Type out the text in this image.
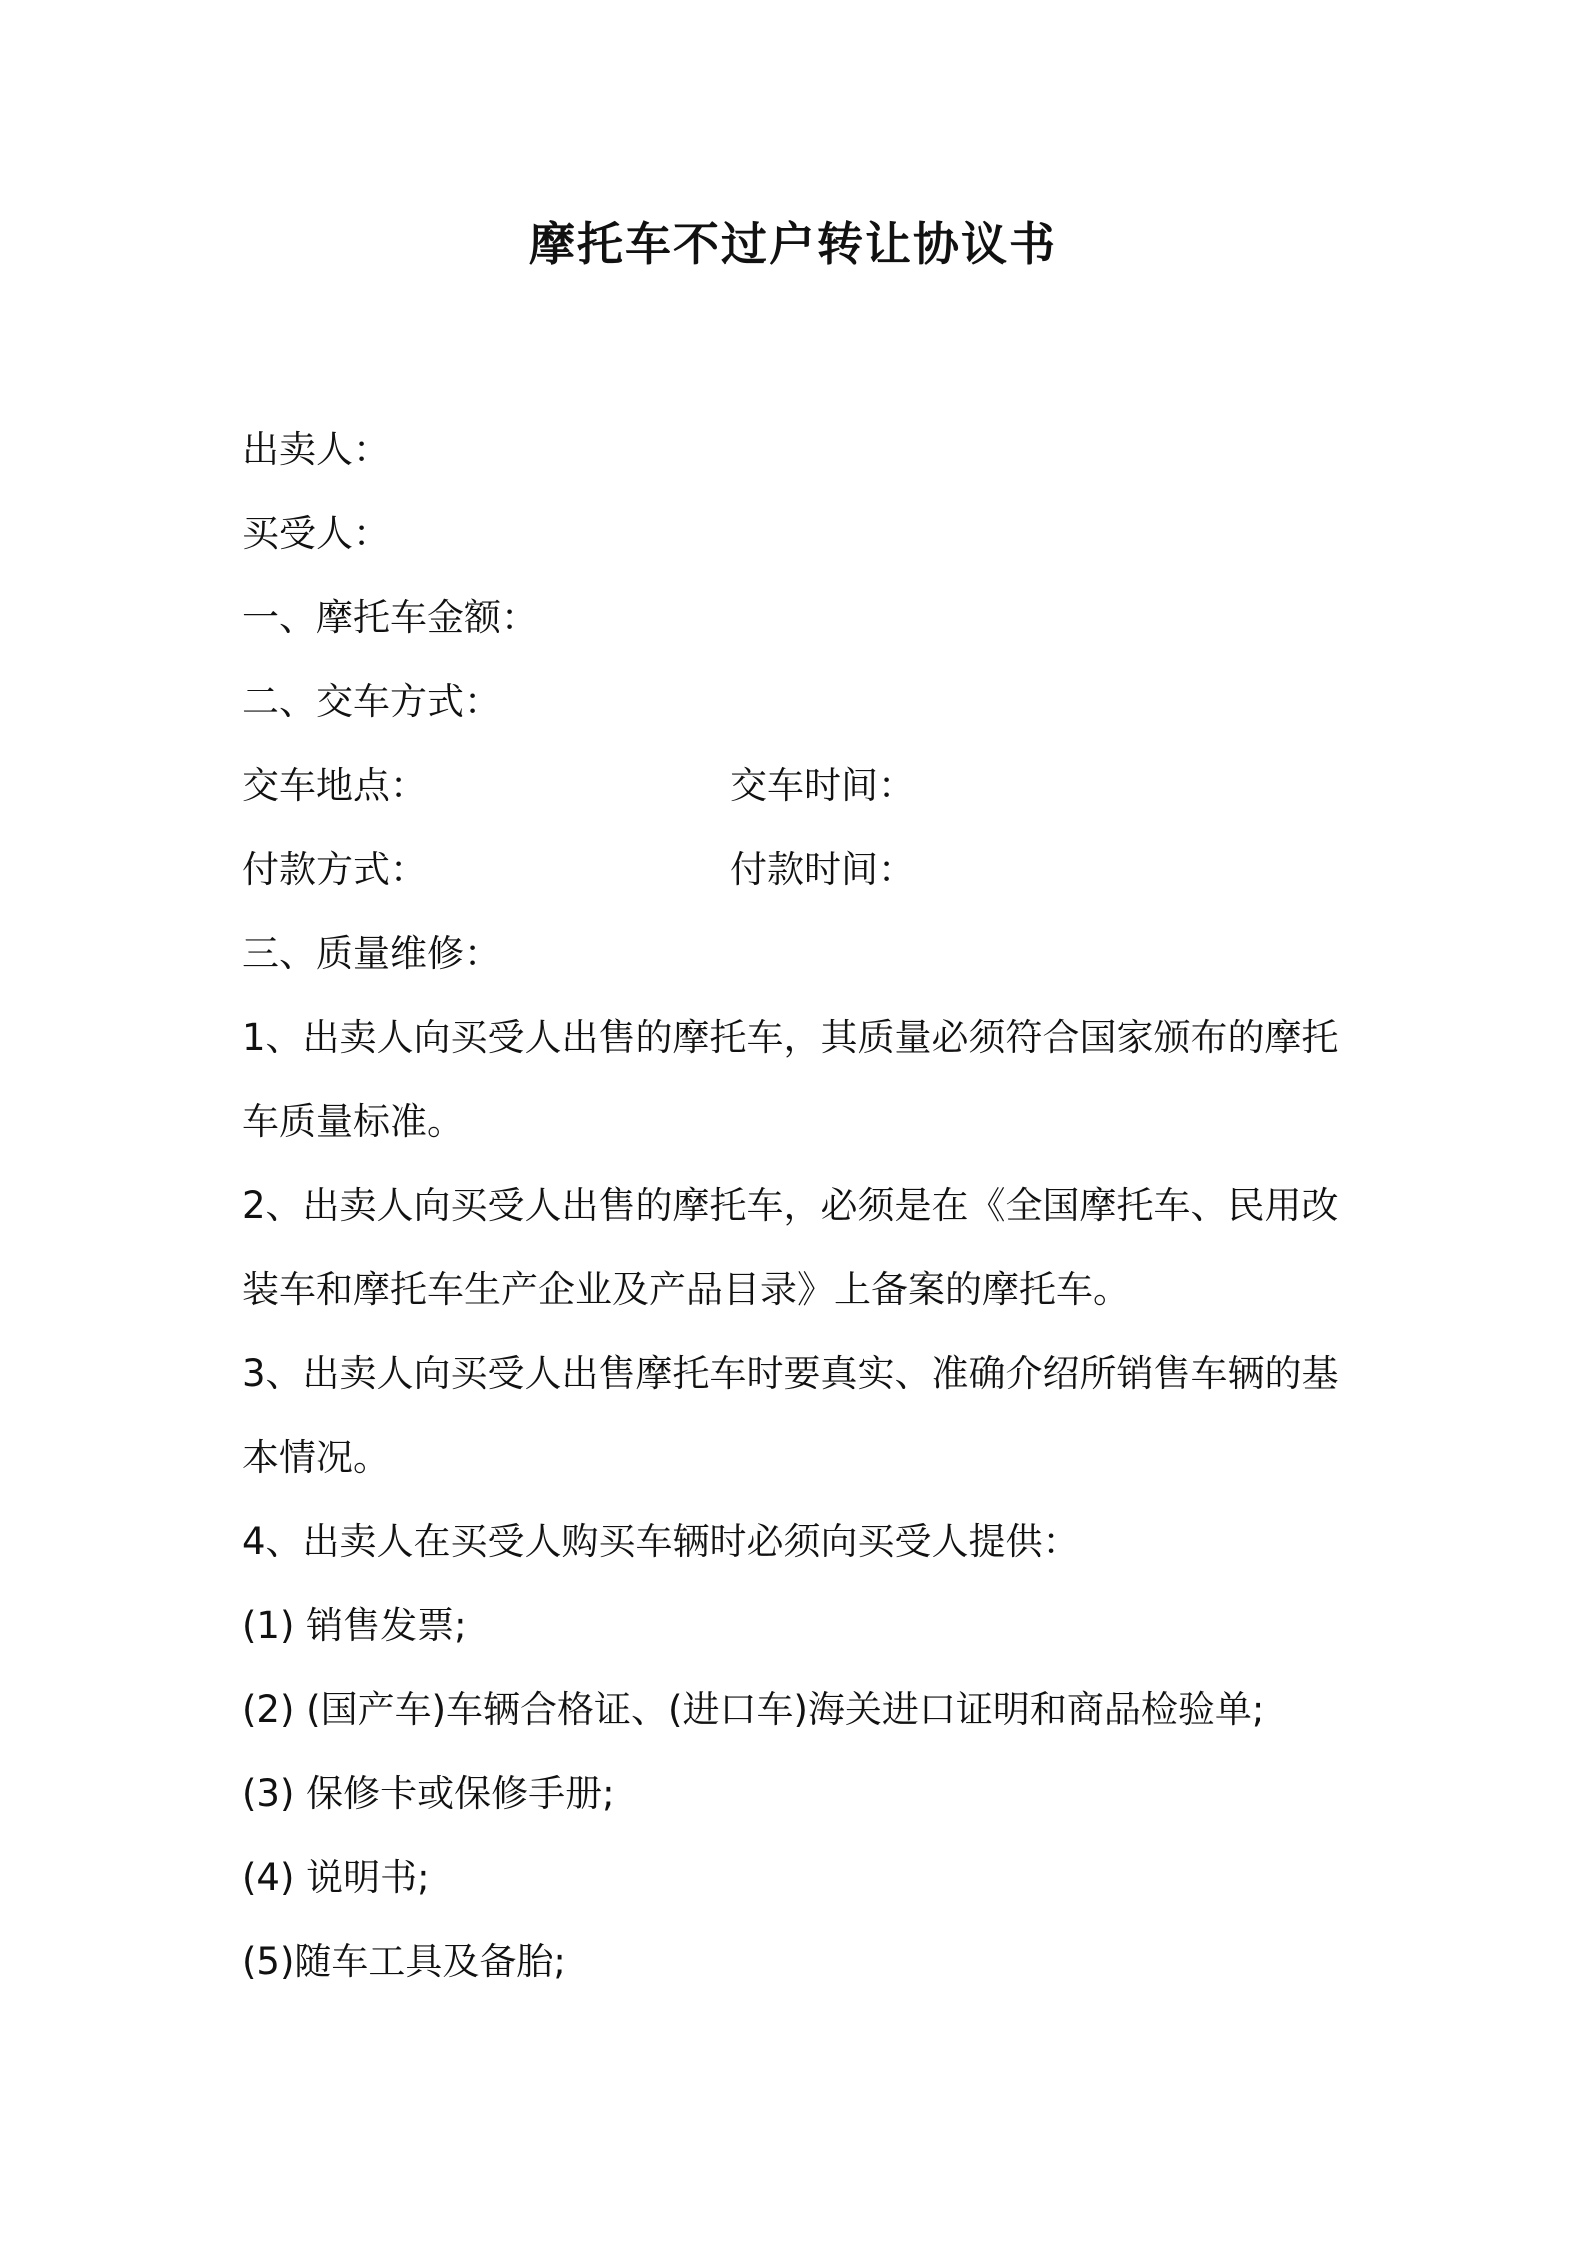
摩托车不过户转让协议书
出卖人：
买受人：
一、摩托车金额：
二、交车方式：
交车地点：	交车时间：
付款方式：	付款时间：
三、质量维修：
1、出卖人向买受人出售的摩托车，其质量必须符合国家颁布的摩托车质量标准。
2、出卖人向买受人出售的摩托车，必须是在《全国摩托车、民用改装车和摩托车生产企业及产品目录》上备案的摩托车。
3、出卖人向买受人出售摩托车时要真实、准确介绍所销售车辆的基本情况。
4、出卖人在买受人购买车辆时必须向买受人提供：
(1) 销售发票;
(2) (国产车)车辆合格证、(进口车)海关进口证明和商品检验单;
(3) 保修卡或保修手册;
(4) 说明书;
(5)随车工具及备胎;
